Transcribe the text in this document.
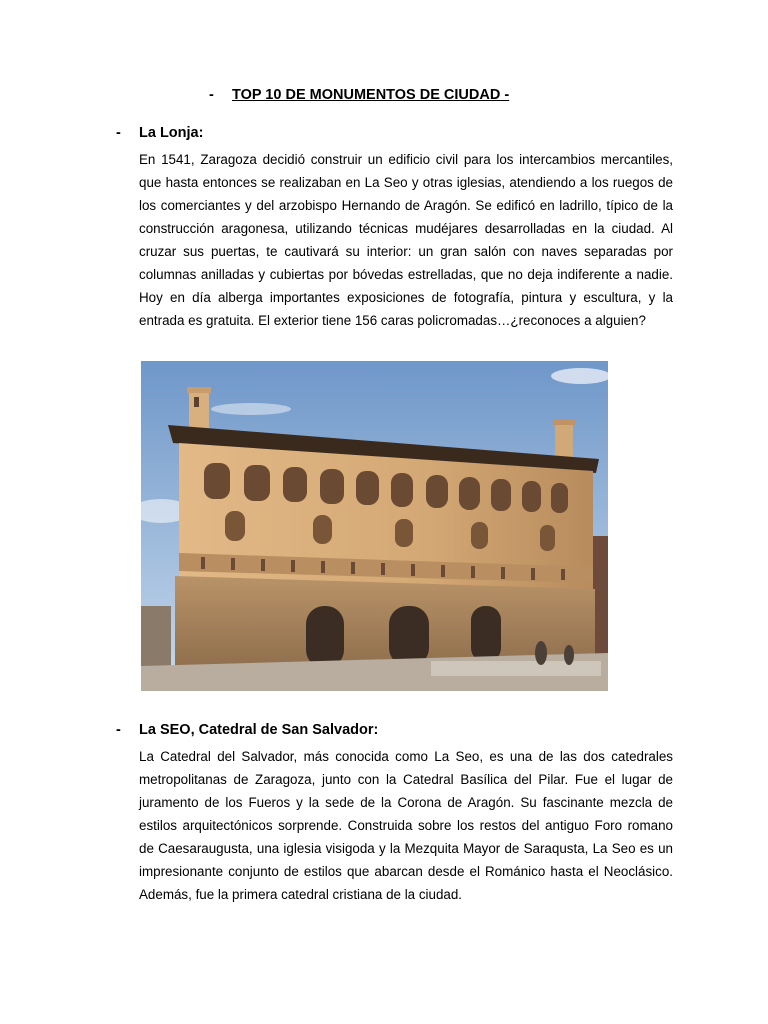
- TOP 10 DE MONUMENTOS DE CIUDAD -
- La Lonja:
En 1541, Zaragoza decidió construir un edificio civil para los intercambios mercantiles, que hasta entonces se realizaban en La Seo y otras iglesias, atendiendo a los ruegos de los comerciantes y del arzobispo Hernando de Aragón. Se edificó en ladrillo, típico de la construcción aragonesa, utilizando técnicas mudéjares desarrolladas en la ciudad. Al cruzar sus puertas, te cautivará su interior: un gran salón con naves separadas por columnas anilladas y cubiertas por bóvedas estrelladas, que no deja indiferente a nadie. Hoy en día alberga importantes exposiciones de fotografía, pintura y escultura, y la entrada es gratuita. El exterior tiene 156 caras policromadas…¿reconoces a alguien?
- La SEO, Catedral de San Salvador:
La Catedral del Salvador, más conocida como La Seo, es una de las dos catedrales metropolitanas de Zaragoza, junto con la Catedral Basílica del Pilar. Fue el lugar de juramento de los Fueros y la sede de la Corona de Aragón. Su fascinante mezcla de estilos arquitectónicos sorprende. Construida sobre los restos del antiguo Foro romano de Caesaraugusta, una iglesia visigoda y la Mezquita Mayor de Saraqusta, La Seo es un impresionante conjunto de estilos que abarcan desde el Románico hasta el Neoclásico. Además, fue la primera catedral cristiana de la ciudad.
